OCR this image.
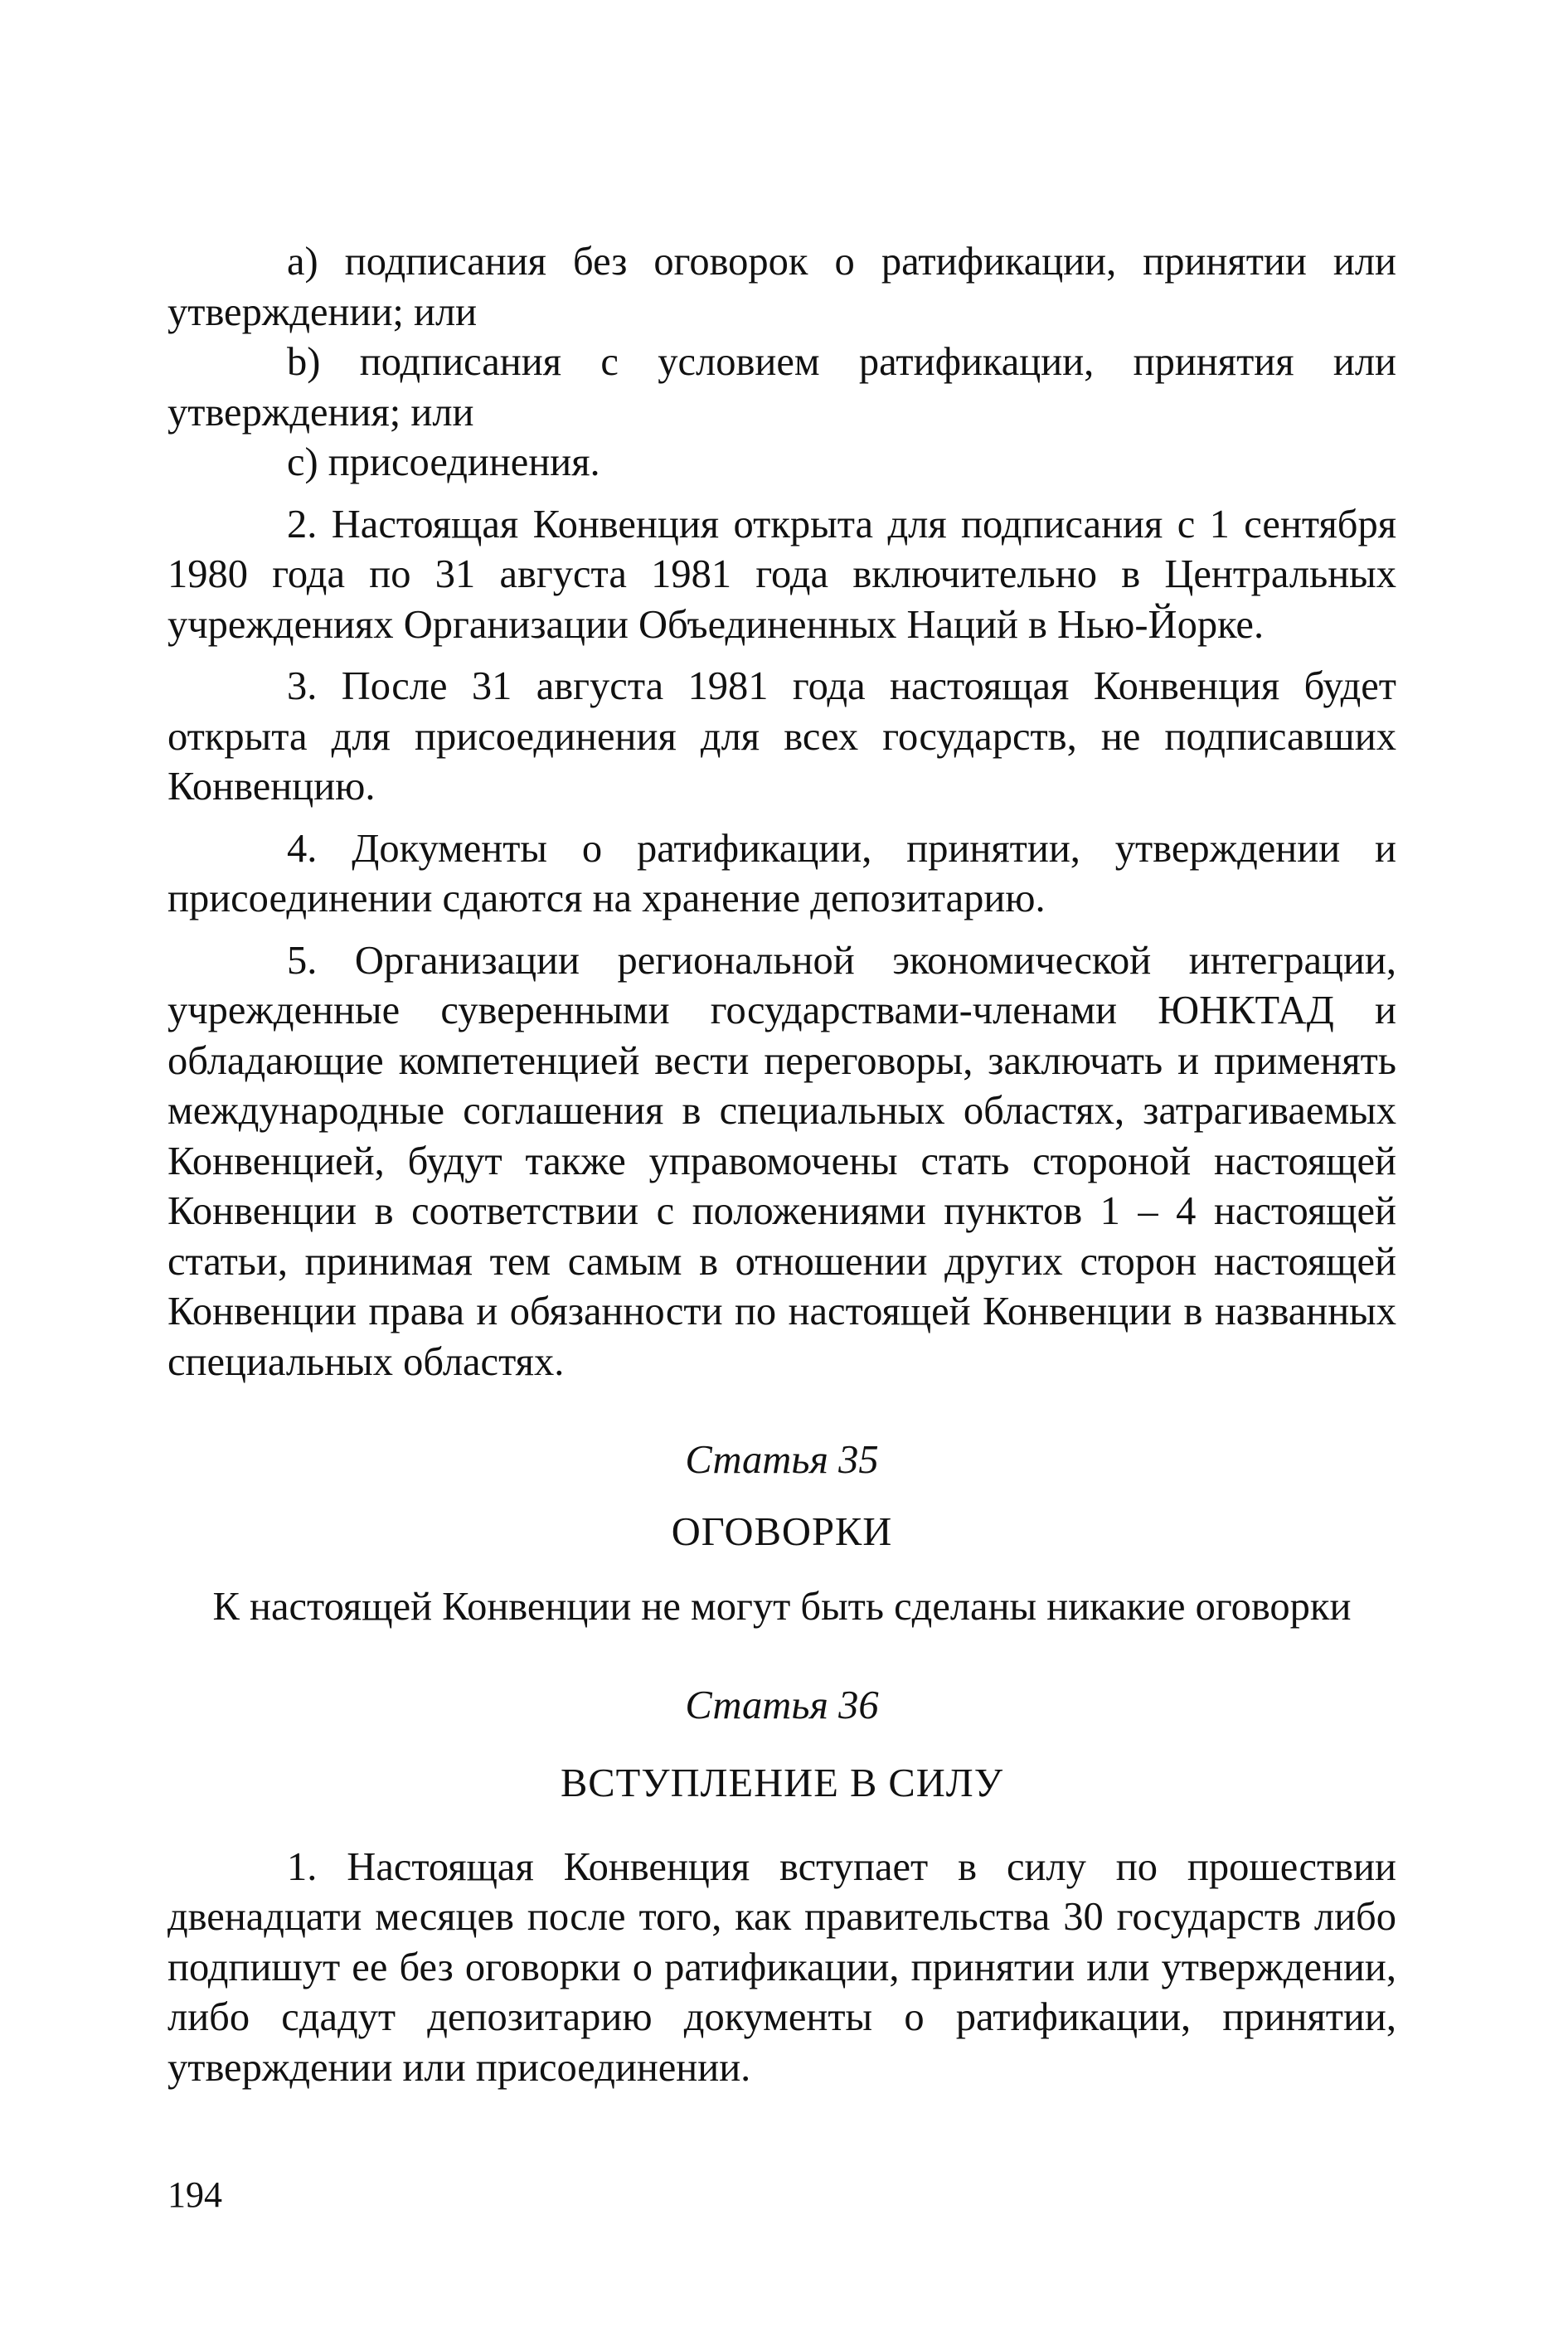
a) подписания без оговорок о ратификации, принятии или утверждении; или

b) подписания с условием ратификации, принятия или утверждения; или

c) присоединения.

2. Настоящая Конвенция открыта для подписания с 1 сентября 1980 года по 31 августа 1981 года включительно в Центральных учреждениях Организации Объединенных Наций в Нью-Йорке.

3. После 31 августа 1981 года настоящая Конвенция будет открыта для присоединения для всех государств, не подписавших Конвенцию.

4. Документы о ратификации, принятии, утверждении и присоединении сдаются на хранение депозитарию.

5. Организации региональной экономической интеграции, учрежденные суверенными государствами-членами ЮНКТАД и обладающие компетенцией вести переговоры, заключать и применять международные соглашения в специальных областях, затрагиваемых Конвенцией, будут также управомочены стать стороной настоящей Конвенции в соответствии с положениями пунктов 1 – 4 настоящей статьи, принимая тем самым в отношении других сторон настоящей Конвенции права и обязанности по настоящей Конвенции в названных специальных областях.

Статья 35

ОГОВОРКИ

К настоящей Конвенции не могут быть сделаны никакие оговорки

Статья 36

ВСТУПЛЕНИЕ В СИЛУ

1. Настоящая Конвенция вступает в силу по прошествии двенадцати месяцев после того, как правительства 30 государств либо подпишут ее без оговорки о ратификации, принятии или утверждении, либо сдадут депозитарию документы о ратификации, принятии, утверждении или присоединении.

194
